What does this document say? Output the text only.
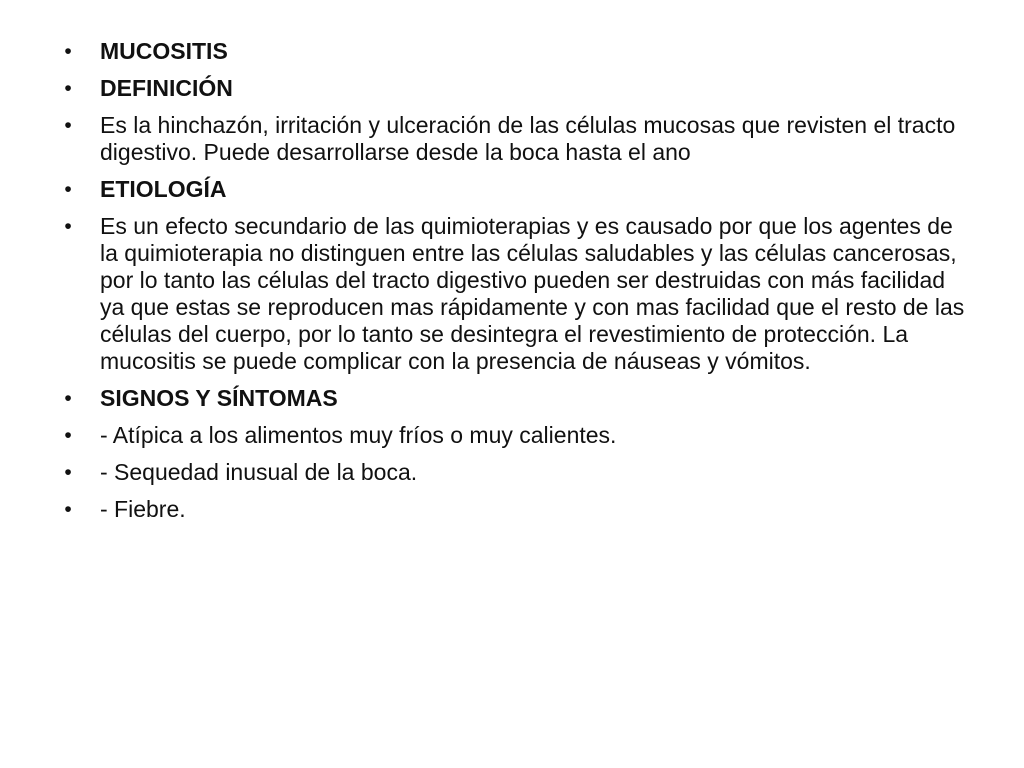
• MUCOSITIS
• DEFINICIÓN
• Es la hinchazón, irritación y ulceración de las células mucosas que revisten el tracto digestivo. Puede desarrollarse desde la boca hasta el ano
• ETIOLOGÍA
• Es un efecto secundario de las quimioterapias y es causado por que los agentes de la quimioterapia no distinguen entre las células saludables y las células cancerosas, por lo tanto las células del tracto digestivo pueden ser destruidas con más facilidad ya que estas se reproducen mas rápidamente y con mas facilidad que el resto de las células del cuerpo, por lo tanto se desintegra el revestimiento de protección. La mucositis se puede complicar con la presencia de náuseas y vómitos.
• SIGNOS Y SÍNTOMAS
• - Atípica a los alimentos muy fríos o muy calientes.
• - Sequedad inusual de la boca.
• - Fiebre.
